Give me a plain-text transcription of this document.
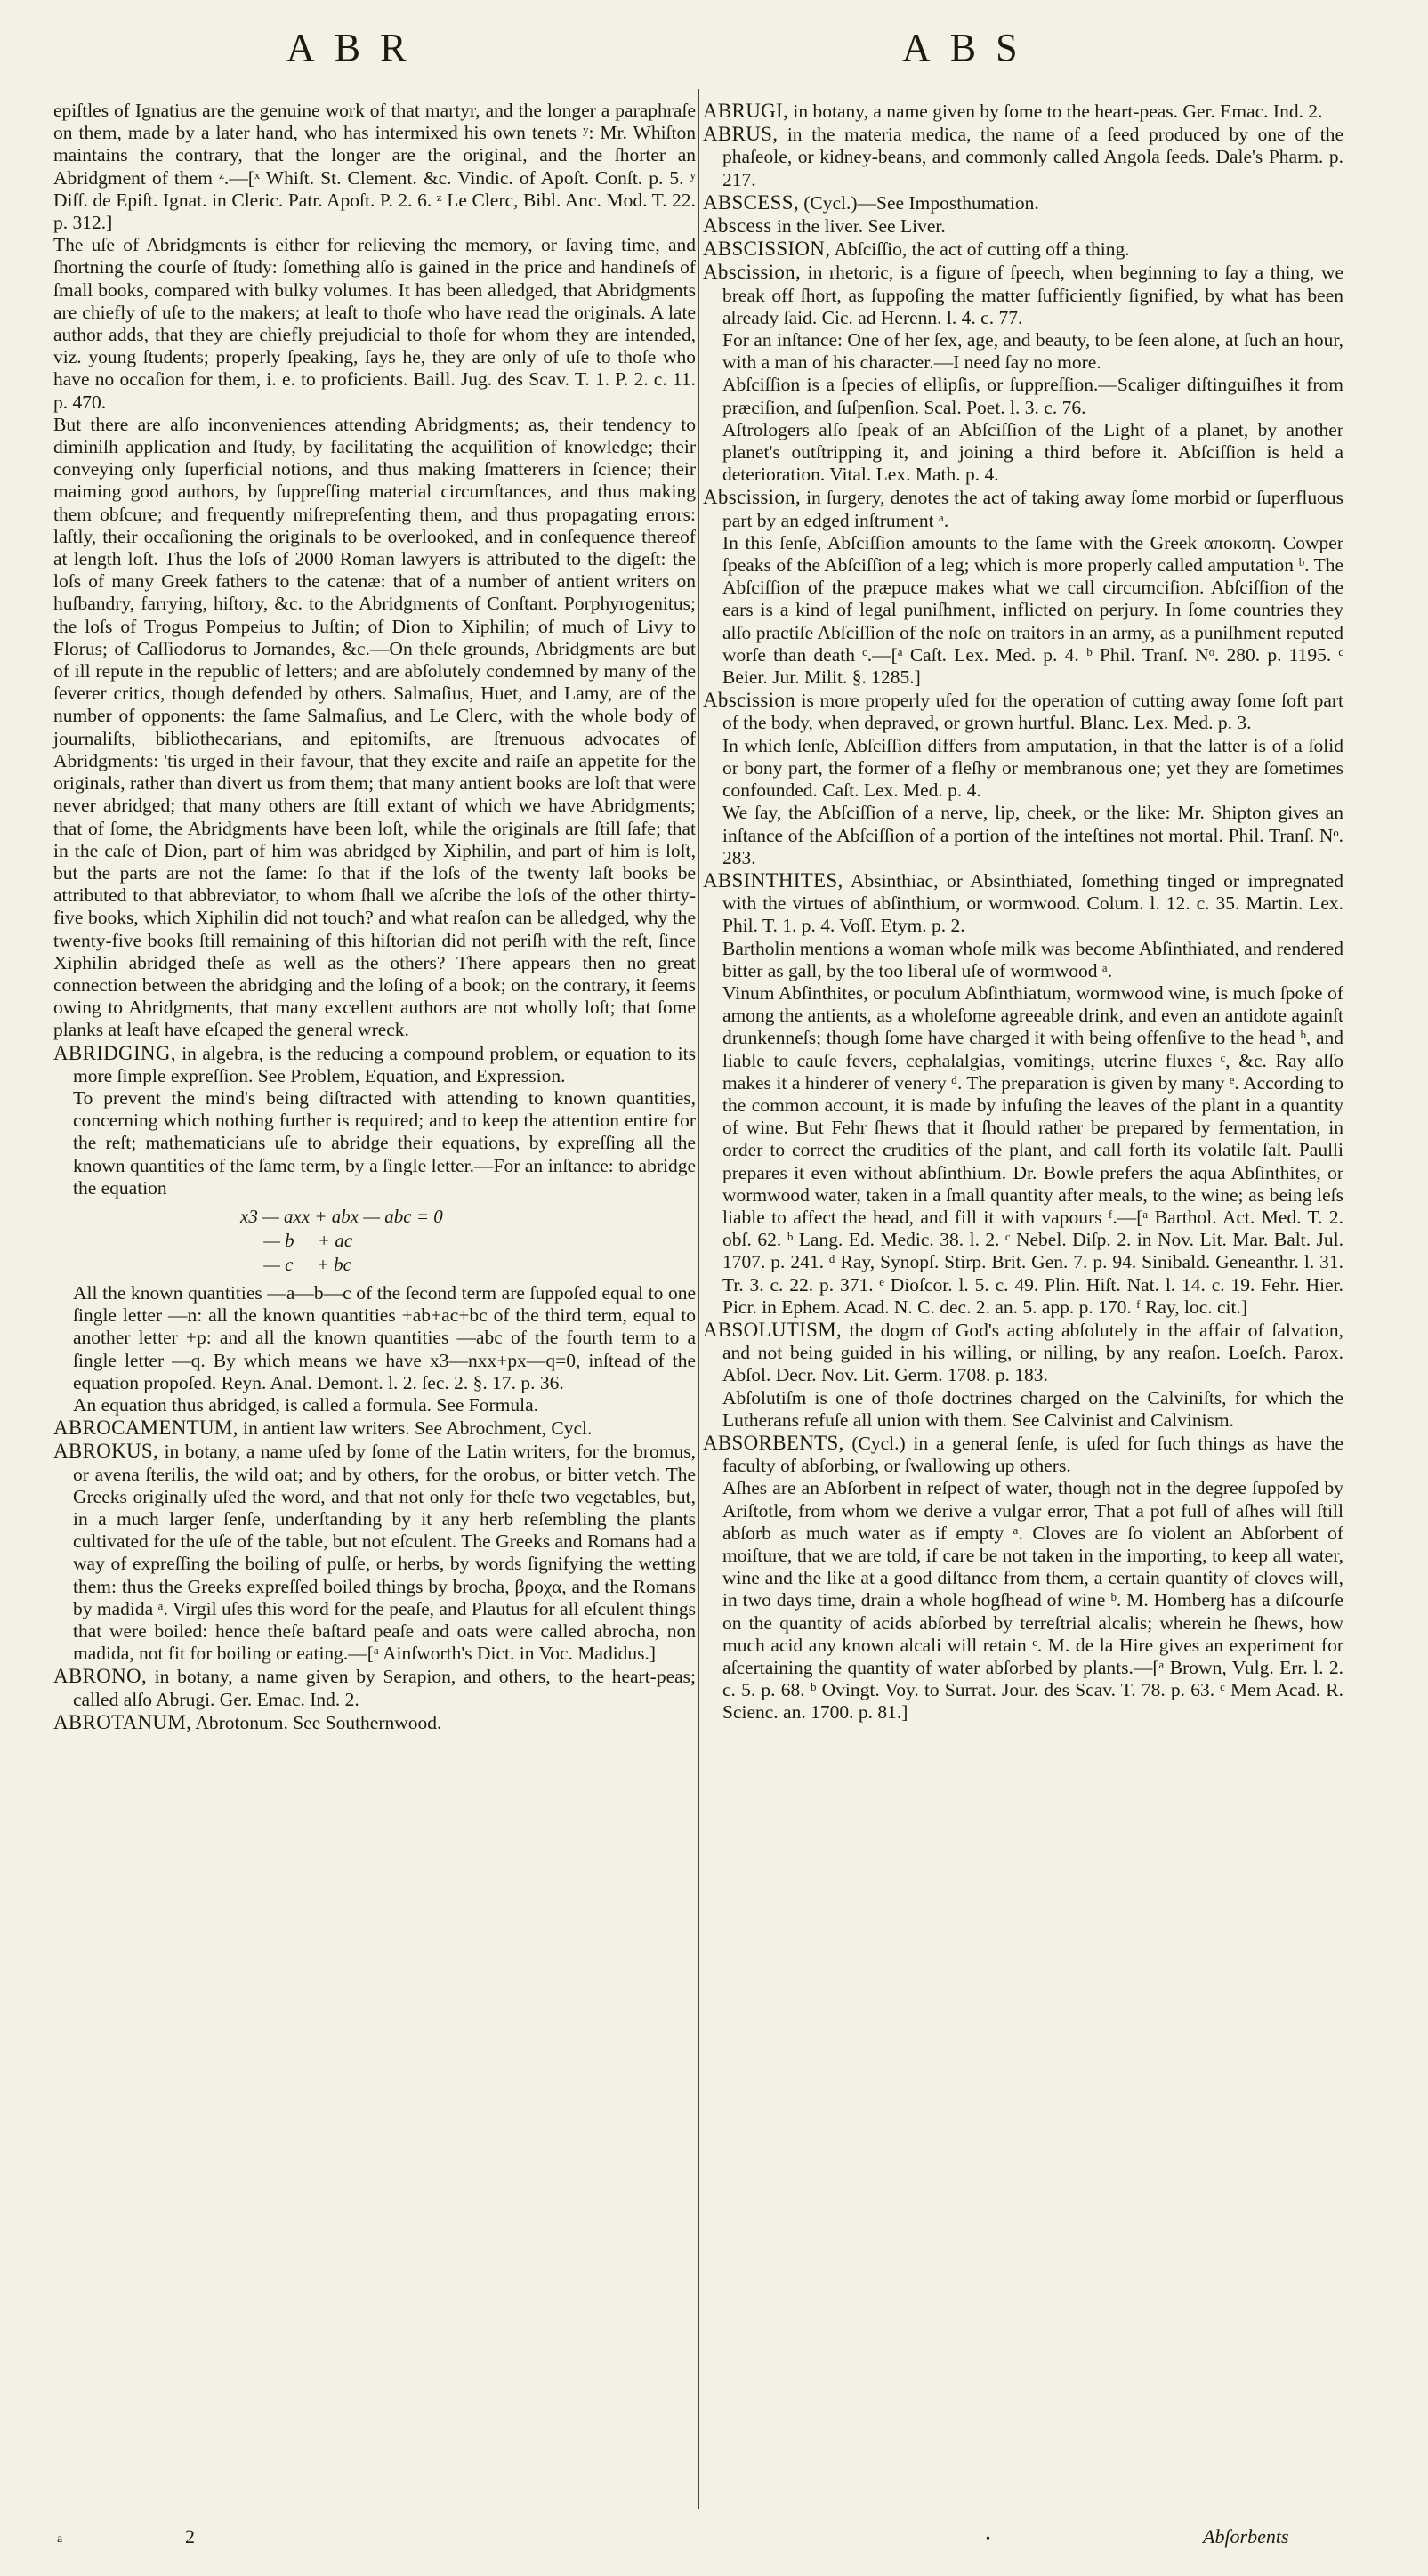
ABR	ABS

epiſtles of Ignatius are the genuine work of that martyr, and the longer a paraphraſe on them, made by a later hand, who has intermixed his own tenets ʸ: Mr. Whiſton maintains the contrary, that the longer are the original, and the ſhorter an Abridgment of them ᶻ.—[ˣ Whiſt. St. Clement. &c. Vindic. of Apoſt. Conſt. p. 5. ʸ Diſſ. de Epiſt. Ignat. in Cleric. Patr. Apoſt. P. 2. 6. ᶻ Le Clerc, Bibl. Anc. Mod. T. 22. p. 312.]

The uſe of Abridgments is either for relieving the memory, or ſaving time, and ſhortning the courſe of ſtudy: ſomething alſo is gained in the price and handineſs of ſmall books, compared with bulky volumes. It has been alledged, that Abridgments are chiefly of uſe to the makers; at leaſt to thoſe who have read the originals. A late author adds, that they are chiefly prejudicial to thoſe for whom they are intended, viz. young ſtudents; properly ſpeaking, ſays he, they are only of uſe to thoſe who have no occaſion for them, i. e. to proficients. Baill. Jug. des Scav. T. 1. P. 2. c. 11. p. 470.

But there are alſo inconveniences attending Abridgments; as, their tendency to diminiſh application and ſtudy, by facilitating the acquiſition of knowledge; their conveying only ſuperficial notions, and thus making ſmatterers in ſcience; their maiming good authors, by ſuppreſſing material circumſtances, and thus making them obſcure; and frequently miſrepreſenting them, and thus propagating errors: laſtly, their occaſioning the originals to be overlooked, and in conſequence thereof at length loſt. Thus the loſs of 2000 Roman lawyers is attributed to the digeſt: the loſs of many Greek fathers to the catenæ: that of a number of antient writers on huſbandry, farrying, hiſtory, &c. to the Abridgments of Conſtant. Porphyrogenitus; the loſs of Trogus Pompeius to Juſtin; of Dion to Xiphilin; of much of Livy to Florus; of Caſſiodorus to Jornandes, &c.—On theſe grounds, Abridgments are but of ill repute in the republic of letters; and are abſolutely condemned by many of the ſeverer critics, though defended by others. Salmaſius, Huet, and Lamy, are of the number of opponents: the ſame Salmaſius, and Le Clerc, with the whole body of journaliſts, bibliothecarians, and epitomiſts, are ſtrenuous advocates of Abridgments: 'tis urged in their favour, that they excite and raiſe an appetite for the originals, rather than divert us from them; that many antient books are loſt that were never abridged; that many others are ſtill extant of which we have Abridgments; that of ſome, the Abridgments have been loſt, while the originals are ſtill ſafe; that in the caſe of Dion, part of him was abridged by Xiphilin, and part of him is loſt, but the parts are not the ſame: ſo that if the loſs of the twenty laſt books be attributed to that abbreviator, to whom ſhall we aſcribe the loſs of the other thirty-five books, which Xiphilin did not touch? and what reaſon can be alledged, why the twenty-five books ſtill remaining of this hiſtorian did not periſh with the reſt, ſince Xiphilin abridged theſe as well as the others? There appears then no great connection between the abridging and the loſing of a book; on the contrary, it ſeems owing to Abridgments, that many excellent authors are not wholly loſt; that ſome planks at leaſt have eſcaped the general wreck.

ABRIDGING, in algebra, is the reducing a compound problem, or equation to its more ſimple expreſſion. See Problem, Equation, and Expression.

To prevent the mind's being diſtracted with attending to known quantities, concerning which nothing further is required; and to keep the attention entire for the reſt; mathematicians uſe to abridge their equations, by expreſſing all the known quantities of the ſame term, by a ſingle letter.—For an inſtance: to abridge the equation

x3 — axx + abx — abc = 0
— b     + ac
— c     + bc

All the known quantities —a—b—c of the ſecond term are ſuppoſed equal to one ſingle letter —n: all the known quantities +ab+ac+bc of the third term, equal to another letter +p: and all the known quantities —abc of the fourth term to a ſingle letter —q. By which means we have x3—nxx+px—q=0, inſtead of the equation propoſed. Reyn. Anal. Demont. l. 2. ſec. 2. §. 17. p. 36.

An equation thus abridged, is called a formula. See Formula.

ABROCAMENTUM, in antient law writers. See Abrochment, Cycl.

ABROKUS, in botany, a name uſed by ſome of the Latin writers, for the bromus, or avena ſterilis, the wild oat; and by others, for the orobus, or bitter vetch. The Greeks originally uſed the word, and that not only for theſe two vegetables, but, in a much larger ſenſe, underſtanding by it any herb reſembling the plants cultivated for the uſe of the table, but not eſculent. The Greeks and Romans had a way of expreſſing the boiling of pulſe, or herbs, by words ſignifying the wetting them: thus the Greeks expreſſed boiled things by brocha, βροχα, and the Romans by madida ᵃ. Virgil uſes this word for the peaſe, and Plautus for all eſculent things that were boiled: hence theſe baſtard peaſe and oats were called abrocha, non madida, not fit for boiling or eating.—[ᵃ Ainſworth's Dict. in Voc. Madidus.]

ABRONO, in botany, a name given by Serapion, and others, to the heart-peas; called alſo Abrugi. Ger. Emac. Ind. 2.

ABROTANUM, Abrotonum. See Southernwood.

ABRUGI, in botany, a name given by ſome to the heart-peas. Ger. Emac. Ind. 2.

ABRUS, in the materia medica, the name of a ſeed produced by one of the phaſeole, or kidney-beans, and commonly called Angola ſeeds. Dale's Pharm. p. 217.

ABSCESS, (Cycl.)—See Imposthumation.

Abscess in the liver. See Liver.

ABSCISSION, Abſciſſio, the act of cutting off a thing.

Abscission, in rhetoric, is a figure of ſpeech, when beginning to ſay a thing, we break off ſhort, as ſuppoſing the matter ſufficiently ſignified, by what has been already ſaid. Cic. ad Herenn. l. 4. c. 77.

For an inſtance: One of her ſex, age, and beauty, to be ſeen alone, at ſuch an hour, with a man of his character.—I need ſay no more.

Abſciſſion is a ſpecies of ellipſis, or ſuppreſſion.—Scaliger diſtinguiſhes it from præciſion, and ſuſpenſion. Scal. Poet. l. 3. c. 76.

Aſtrologers alſo ſpeak of an Abſciſſion of the Light of a planet, by another planet's outſtripping it, and joining a third before it. Abſciſſion is held a deterioration. Vital. Lex. Math. p. 4.

Abscission, in ſurgery, denotes the act of taking away ſome morbid or ſuperfluous part by an edged inſtrument ᵃ.

In this ſenſe, Abſciſſion amounts to the ſame with the Greek αποκοπη. Cowper ſpeaks of the Abſciſſion of a leg; which is more properly called amputation ᵇ. The Abſciſſion of the præpuce makes what we call circumciſion. Abſciſſion of the ears is a kind of legal puniſhment, inflicted on perjury. In ſome countries they alſo practiſe Abſciſſion of the noſe on traitors in an army, as a puniſhment reputed worſe than death ᶜ.—[ᵃ Caſt. Lex. Med. p. 4. ᵇ Phil. Tranſ. Nᵒ. 280. p. 1195. ᶜ Beier. Jur. Milit. §. 1285.]

Abscission is more properly uſed for the operation of cutting away ſome ſoft part of the body, when depraved, or grown hurtful. Blanc. Lex. Med. p. 3.

In which ſenſe, Abſciſſion differs from amputation, in that the latter is of a ſolid or bony part, the former of a fleſhy or membranous one; yet they are ſometimes confounded. Caſt. Lex. Med. p. 4.

We ſay, the Abſciſſion of a nerve, lip, cheek, or the like: Mr. Shipton gives an inſtance of the Abſciſſion of a portion of the inteſtines not mortal. Phil. Tranſ. Nᵒ. 283.

ABSINTHITES, Absinthiac, or Absinthiated, ſomething tinged or impregnated with the virtues of abſinthium, or wormwood. Colum. l. 12. c. 35. Martin. Lex. Phil. T. 1. p. 4. Voſſ. Etym. p. 2.

Bartholin mentions a woman whoſe milk was become Abſinthiated, and rendered bitter as gall, by the too liberal uſe of wormwood ᵃ.

Vinum Abſinthites, or poculum Abſinthiatum, wormwood wine, is much ſpoke of among the antients, as a wholeſome agreeable drink, and even an antidote againſt drunkenneſs; though ſome have charged it with being offenſive to the head ᵇ, and liable to cauſe fevers, cephalalgias, vomitings, uterine fluxes ᶜ, &c. Ray alſo makes it a hinderer of venery ᵈ. The preparation is given by many ᵉ. According to the common account, it is made by infuſing the leaves of the plant in a quantity of wine. But Fehr ſhews that it ſhould rather be prepared by fermentation, in order to correct the crudities of the plant, and call forth its volatile ſalt. Paulli prepares it even without abſinthium. Dr. Bowle prefers the aqua Abſinthites, or wormwood water, taken in a ſmall quantity after meals, to the wine; as being leſs liable to affect the head, and fill it with vapours ᶠ.—[ᵃ Barthol. Act. Med. T. 2. obſ. 62. ᵇ Lang. Ed. Medic. 38. l. 2. ᶜ Nebel. Diſp. 2. in Nov. Lit. Mar. Balt. Jul. 1707. p. 241. ᵈ Ray, Synopſ. Stirp. Brit. Gen. 7. p. 94. Sinibald. Geneanthr. l. 31. Tr. 3. c. 22. p. 371. ᵉ Dioſcor. l. 5. c. 49. Plin. Hiſt. Nat. l. 14. c. 19. Fehr. Hier. Picr. in Ephem. Acad. N. C. dec. 2. an. 5. app. p. 170. ᶠ Ray, loc. cit.]

ABSOLUTISM, the dogm of God's acting abſolutely in the affair of ſalvation, and not being guided in his willing, or nilling, by any reaſon. Loeſch. Parox. Abſol. Decr. Nov. Lit. Germ. 1708. p. 183.

Abſolutiſm is one of thoſe doctrines charged on the Calviniſts, for which the Lutherans refuſe all union with them. See Calvinist and Calvinism.

ABSORBENTS, (Cycl.) in a general ſenſe, is uſed for ſuch things as have the faculty of abſorbing, or ſwallowing up others.

Aſhes are an Abſorbent in reſpect of water, though not in the degree ſuppoſed by Ariſtotle, from whom we derive a vulgar error, That a pot full of aſhes will ſtill abſorb as much water as if empty ᵃ. Cloves are ſo violent an Abſorbent of moiſture, that we are told, if care be not taken in the importing, to keep all water, wine and the like at a good diſtance from them, a certain quantity of cloves will, in two days time, drain a whole hogſhead of wine ᵇ. M. Homberg has a diſcourſe on the quantity of acids abſorbed by terreſtrial alcalis; wherein he ſhews, how much acid any known alcali will retain ᶜ. M. de la Hire gives an experiment for aſcertaining the quantity of water abſorbed by plants.—[ᵃ Brown, Vulg. Err. l. 2. c. 5. p. 68. ᵇ Ovingt. Voy. to Surrat. Jour. des Scav. T. 78. p. 63. ᶜ Mem Acad. R. Scienc. an. 1700. p. 81.]

a	2	•	Abſorbents
